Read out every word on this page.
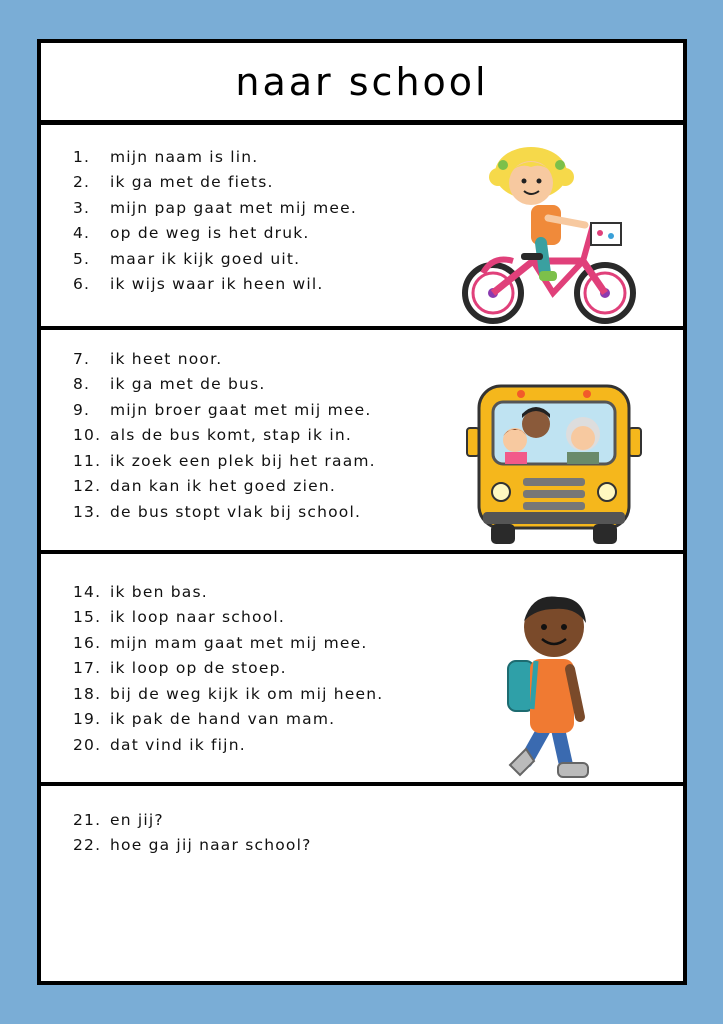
naar school
1.	mijn naam is lin.
2.	ik ga met de fiets.
3.	mijn pap gaat met mij mee.
4.	op de weg is het druk.
5.	maar ik kijk goed uit.
6.	ik wijs waar ik heen wil.
7.	ik heet noor.
8.	ik ga met de bus.
9.	mijn broer gaat met mij mee.
10. als de bus komt, stap ik in.
11. ik zoek een plek bij het raam.
12. dan kan ik het goed zien.
13. de bus stopt vlak bij school.
14. ik ben bas.
15. ik loop naar school.
16. mijn mam gaat met mij mee.
17. ik loop op de stoep.
18. bij de weg kijk ik om mij heen.
19. ik pak de hand van mam.
20. dat vind ik fijn.
21. en jij?
22. hoe ga jij naar school?
